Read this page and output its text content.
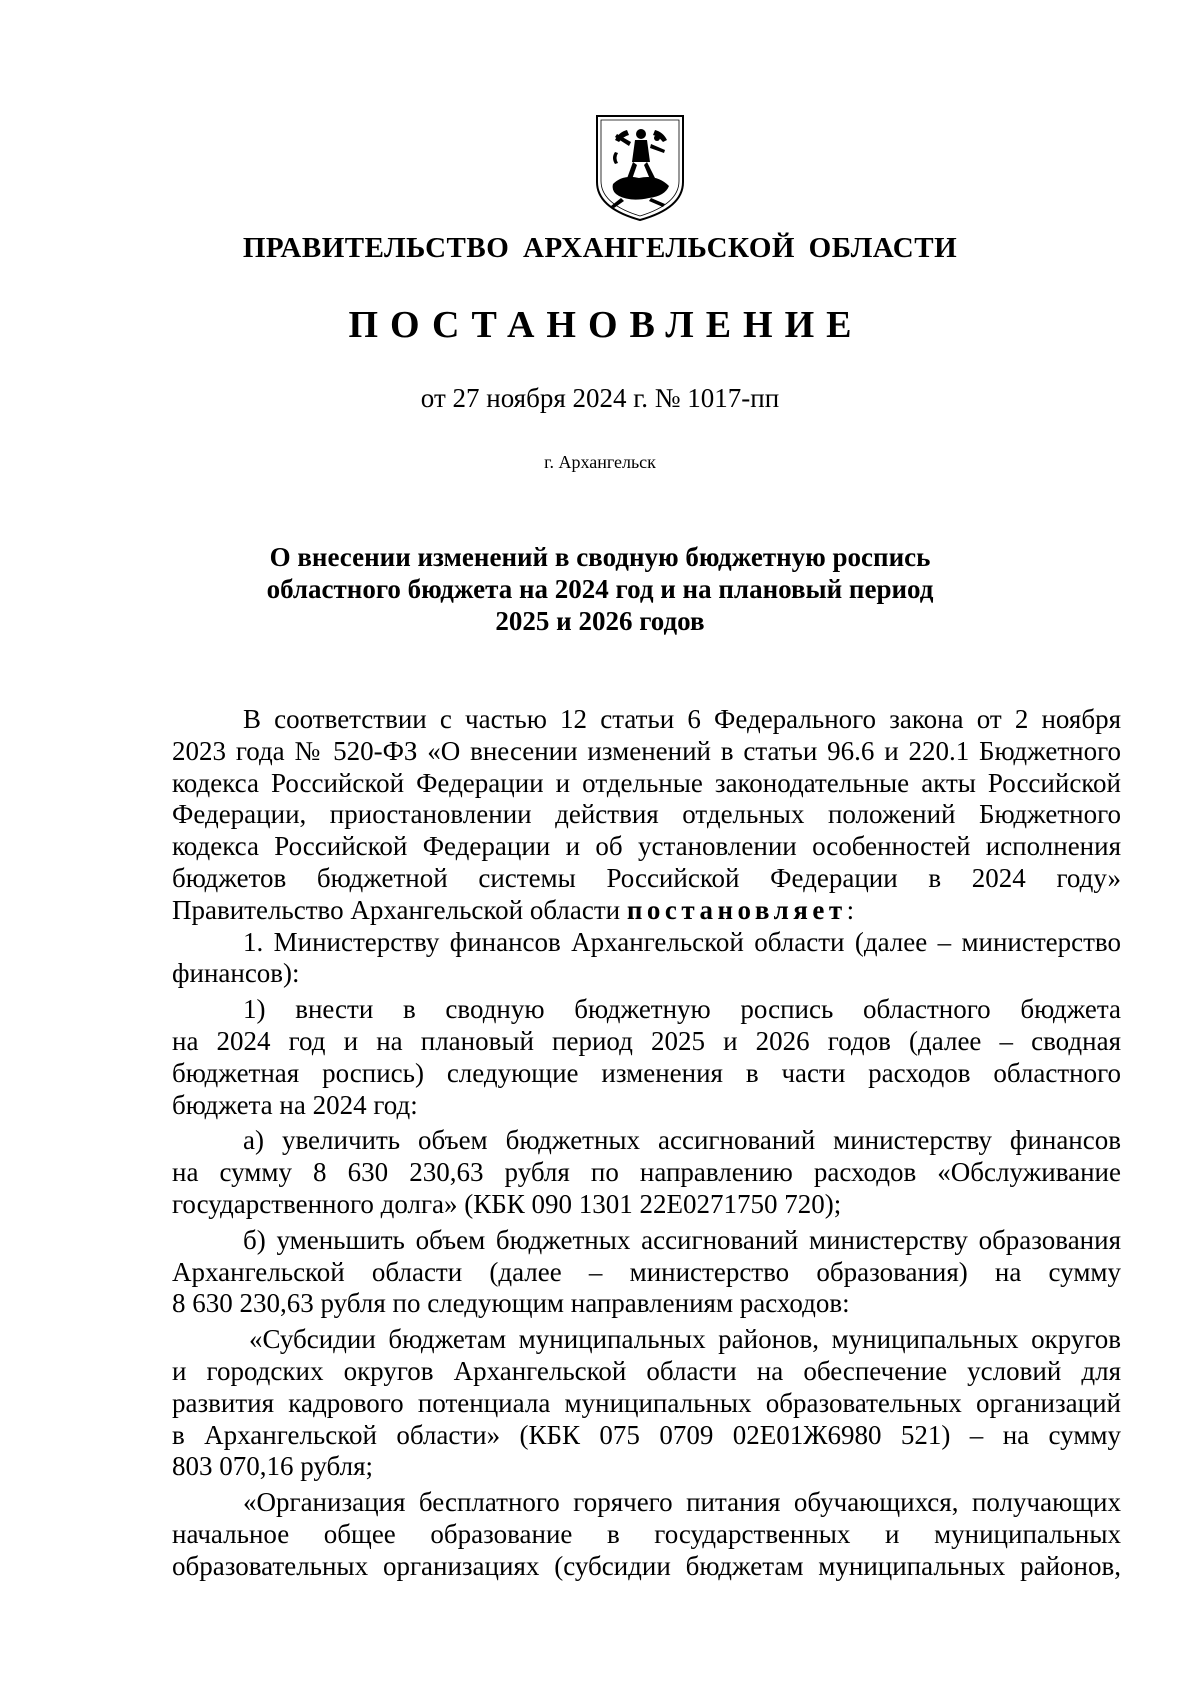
ПРАВИТЕЛЬСТВО АРХАНГЕЛЬСКОЙ ОБЛАСТИ
ПОСТАНОВЛЕНИЕ
от 27 ноября 2024 г. № 1017-пп
г. Архангельск
О внесении изменений в сводную бюджетную роспись
областного бюджета на 2024 год и на плановый период
2025 и 2026 годов
В соответствии с частью 12 статьи 6 Федерального закона от 2 ноября
2023 года № 520-ФЗ «О внесении изменений в статьи 96.6 и 220.1 Бюджетного
кодекса Российской Федерации и отдельные законодательные акты Российской
Федерации, приостановлении действия отдельных положений Бюджетного
кодекса Российской Федерации и об установлении особенностей исполнения
бюджетов бюджетной системы Российской Федерации в 2024 году»
Правительство Архангельской области постановляет:
1. Министерству финансов Архангельской области (далее – министерство
финансов):
1) внести в сводную бюджетную роспись областного бюджета
на 2024 год и на плановый период 2025 и 2026 годов (далее – сводная
бюджетная роспись) следующие изменения в части расходов областного
бюджета на 2024 год:
а) увеличить объем бюджетных ассигнований министерству финансов
на сумму 8 630 230,63 рубля по направлению расходов «Обслуживание
государственного долга» (КБК 090 1301 22Е0271750 720);
б) уменьшить объем бюджетных ассигнований министерству образования
Архангельской области (далее – министерство образования) на сумму
8 630 230,63 рубля по следующим направлениям расходов:
«Субсидии бюджетам муниципальных районов, муниципальных округов
и городских округов Архангельской области на обеспечение условий для
развития кадрового потенциала муниципальных образовательных организаций
в Архангельской области» (КБК 075 0709 02Е01Ж6980 521) – на сумму
803 070,16 рубля;
«Организация бесплатного горячего питания обучающихся, получающих
начальное общее образование в государственных и муниципальных
образовательных организациях (субсидии бюджетам муниципальных районов,
